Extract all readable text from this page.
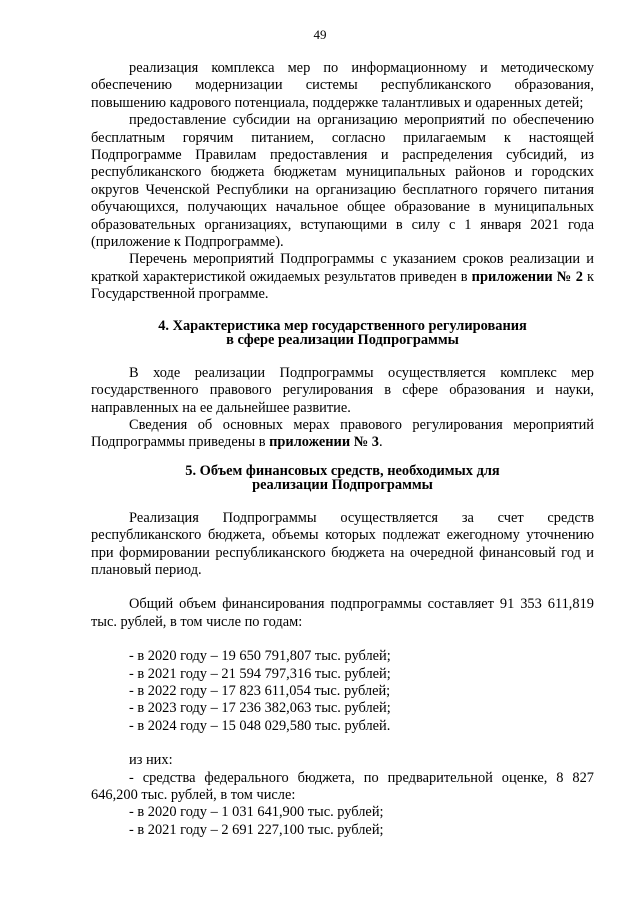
49

реализация комплекса мер по информационному и методическому обеспечению модернизации системы республиканского образования, повышению кадрового потенциала, поддержке талантливых и одаренных детей;

предоставление субсидии на организацию мероприятий по обеспечению бесплатным горячим питанием, согласно прилагаемым к настоящей Подпрограмме Правилам предоставления и распределения субсидий, из республиканского бюджета бюджетам муниципальных районов и городских округов Чеченской Республики на организацию бесплатного горячего питания обучающихся, получающих начальное общее образование в муниципальных образовательных организациях, вступающими в силу с 1 января 2021 года (приложение к Подпрограмме).

Перечень мероприятий Подпрограммы с указанием сроков реализации и краткой характеристикой ожидаемых результатов приведен в приложении № 2 к Государственной программе.

4. Характеристика мер государственного регулирования
в сфере реализации Подпрограммы

В ходе реализации Подпрограммы осуществляется комплекс мер государственного правового регулирования в сфере образования и науки, направленных на ее дальнейшее развитие.

Сведения об основных мерах правового регулирования мероприятий Подпрограммы приведены в приложении № 3.

5. Объем финансовых средств, необходимых для
реализации Подпрограммы

Реализация Подпрограммы осуществляется за счет средств республиканского бюджета, объемы которых подлежат ежегодному уточнению при формировании республиканского бюджета на очередной финансовый год и плановый период.

Общий объем финансирования подпрограммы составляет 91 353 611,819 тыс. рублей, в том числе по годам:

- в 2020 году – 19 650 791,807 тыс. рублей;
- в 2021 году – 21 594 797,316 тыс. рублей;
- в 2022 году – 17 823 611,054 тыс. рублей;
- в 2023 году – 17 236 382,063 тыс. рублей;
- в 2024 году – 15 048 029,580 тыс. рублей.
из них:

- средства федерального бюджета, по предварительной оценке, 8 827 646,200 тыс. рублей, в том числе:

- в 2020 году – 1 031 641,900 тыс. рублей;
- в 2021 году – 2 691 227,100 тыс. рублей;
